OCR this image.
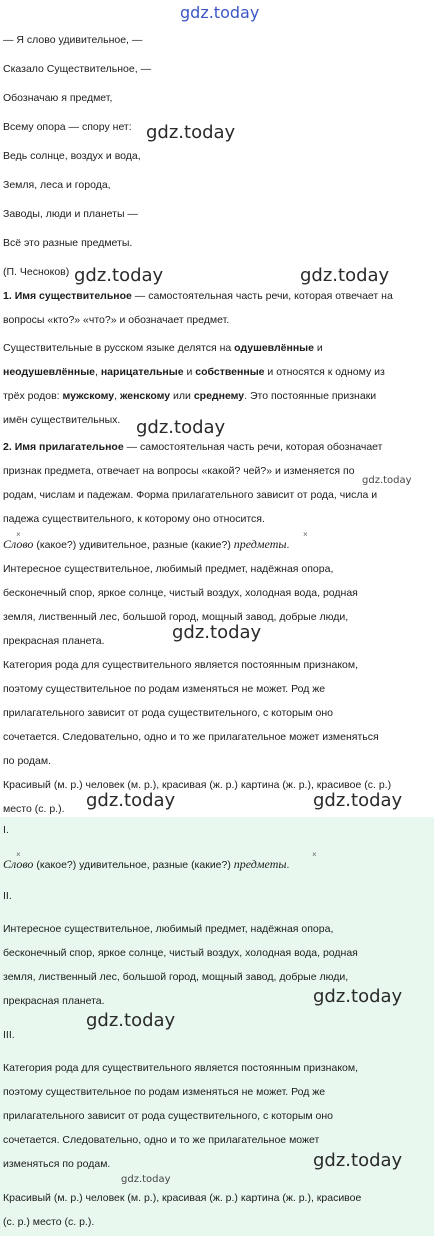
gdz.today
— Я слово удивительное, —
Сказало Существительное, —
Обозначаю я предмет,
Всему опора — спору нет:
Ведь солнце, воздух и вода,
Земля, леса и города,
Заводы, люди и планеты —
Всё это разные предметы.
(П. Чесноков)
gdz.today
gdz.today	gdz.today
1. Имя существительное — самостоятельная часть речи, которая отвечает на
вопросы «кто?» «что?» и обозначает предмет.
Существительные в русском языке делятся на одушевлённые и
неодушевлённые, нарицательные и собственные и относятся к одному из
трёх родов: мужскому, женскому или среднему. Это постоянные признаки
имён существительных. gdz.today
2. Имя прилагательное — самостоятельная часть речи, которая обозначает
признак предмета, отвечает на вопросы «какой? чей?» и изменяется по
родам, числам и падежам. Форма прилагательного зависит от рода, числа и
падежа существительного, к которому оно относится.
gdz.today
Слово (какое?) удивительное, разные (какие?) предметы.
×	×
Интересное существительное, любимый предмет, надёжная опора,
бесконечный спор, яркое солнце, чистый воздух, холодная вода, родная
земля, лиственный лес, большой город, мощный завод, добрые люди,
прекрасная планета.	gdz.today
Категория рода для существительного является постоянным признаком,
поэтому существительное по родам изменяться не может. Род же
прилагательного зависит от рода существительного, с которым оно
сочетается. Следовательно, одно и то же прилагательное может изменяться
по родам.
Красивый (м. р.) человек (м. р.), красивая (ж. р.) картина (ж. р.), красивое (с. р.)
место (с. р.). gdz.today	gdz.today
I.
Слово (какое?) удивительное, разные (какие?) предметы.
×	×
II.
Интересное существительное, любимый предмет, надёжная опора,
бесконечный спор, яркое солнце, чистый воздух, холодная вода, родная
земля, лиственный лес, большой город, мощный завод, добрые люди,
прекрасная планета.	gdz.today
gdz.today
III.
Категория рода для существительного является постоянным признаком,
поэтому существительное по родам изменяться не может. Род же
прилагательного зависит от рода существительного, с которым оно
сочетается. Следовательно, одно и то же прилагательное может
изменяться по родам.	gdz.today
gdz.today
Красивый (м. р.) человек (м. р.), красивая (ж. р.) картина (ж. р.), красивое
(с. р.) место (с. р.).
